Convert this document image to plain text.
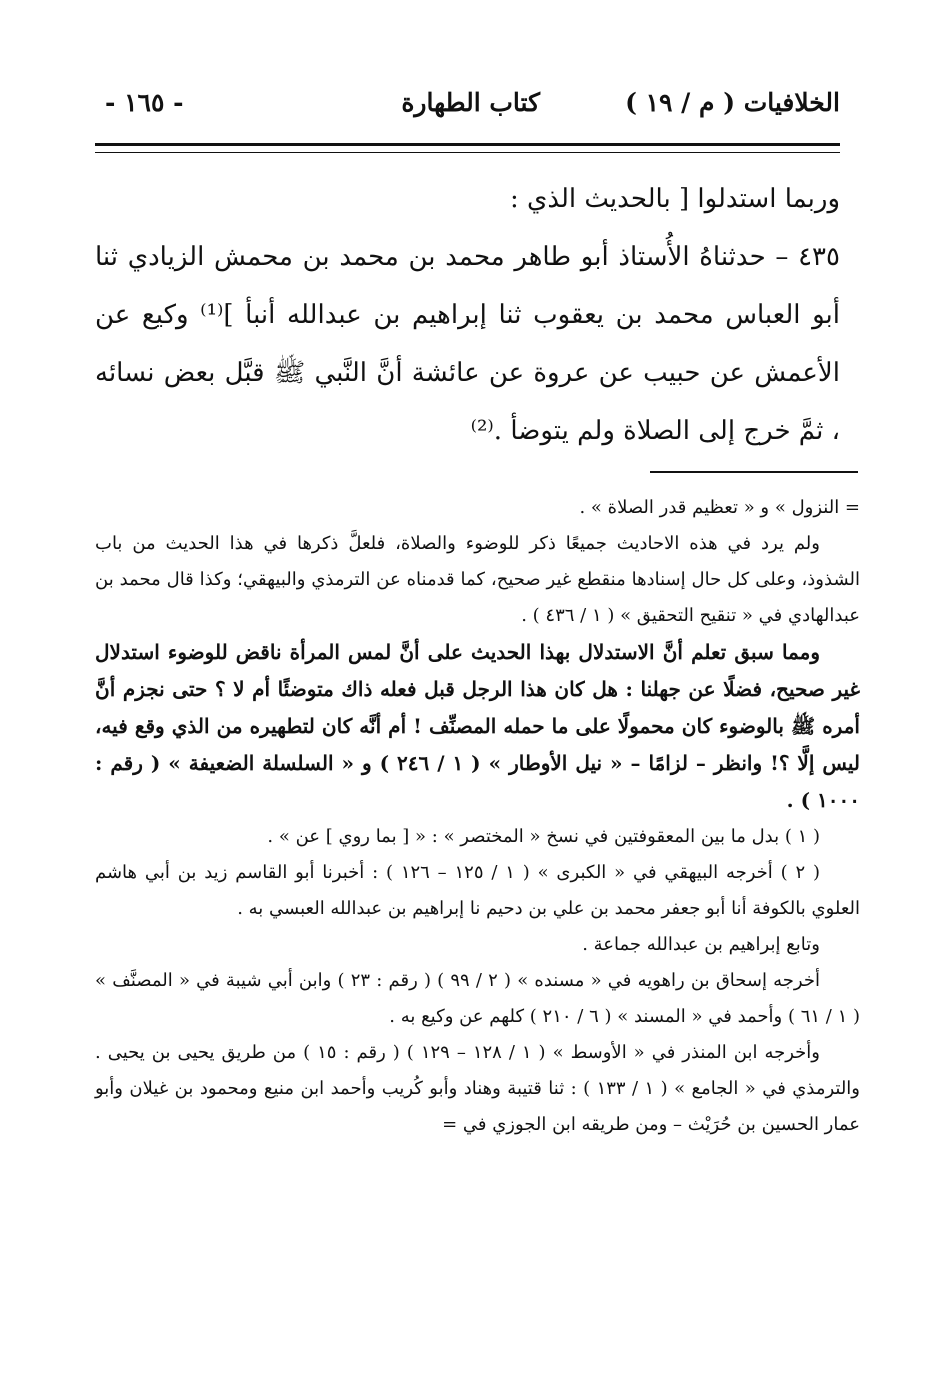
الخلافيات ( م / ١٩ )
كتاب الطهارة
- ١٦٥ -

وربما استدلوا [ بالحديث الذي :

٤٣٥ – حدثناهُ الأُستاذ أبو طاهر محمد بن محمد بن محمش الزيادي ثنا أبو العباس محمد بن يعقوب ثنا إبراهيم بن عبدالله أنبأ ]⁽¹⁾ وكيع عن الأعمش عن حبيب عن عروة عن عائشة أنَّ النَّبي ﷺ قبَّل بعض نسائه ، ثمَّ خرج إلى الصلاة ولم يتوضأ .⁽²⁾

= النزول » و « تعظيم قدر الصلاة » .

ولم يرد في هذه الاحاديث جميعًا ذكر للوضوء والصلاة، فلعلَّ ذكرها في هذا الحديث من باب الشذوذ، وعلى كل حال إسنادها منقطع غير صحيح، كما قدمناه عن الترمذي والبيهقي؛ وكذا قال محمد بن عبدالهادي في « تنقيح التحقيق » ( ١ / ٤٣٦ ) .

ومما سبق تعلم أنَّ الاستدلال بهذا الحديث على أنَّ لمس المرأة ناقض للوضوء استدلال غير صحيح، فضلًا عن جهلنا : هل كان هذا الرجل قبل فعله ذاك متوضئًا أم لا ؟ حتى نجزم أنَّ أمره ﷺ بالوضوء كان محمولًا على ما حمله المصنِّف ! أم أنَّه كان لتطهيره من الذي وقع فيه، ليس إلَّا ؟! وانظر – لزامًا – « نيل الأوطار » ( ١ / ٢٤٦ ) و « السلسلة الضعيفة » ( رقم : ١٠٠٠ ) .

( ١ ) بدل ما بين المعقوفتين في نسخ « المختصر » : « [ بما روي ] عن » .

( ٢ ) أخرجه البيهقي في « الكبرى » ( ١ / ١٢٥ – ١٢٦ ) : أخبرنا أبو القاسم زيد بن أبي هاشم العلوي بالكوفة أنا أبو جعفر محمد بن علي بن دحيم نا إبراهيم بن عبدالله العبسي به .

وتابع إبراهيم بن عبدالله جماعة .

أخرجه إسحاق بن راهويه في « مسنده » ( ٢ / ٩٩ ) ( رقم : ٢٣ ) وابن أبي شيبة في « المصنَّف » ( ١ / ٦١ ) وأحمد في « المسند » ( ٦ / ٢١٠ ) كلهم عن وكيع به .

وأخرجه ابن المنذر في « الأوسط » ( ١ / ١٢٨ – ١٢٩ ) ( رقم : ١٥ ) من طريق يحيى بن يحيى . والترمذي في « الجامع » ( ١ / ١٣٣ ) : ثنا قتيبة وهناد وأبو كُريب وأحمد ابن منيع ومحمود بن غيلان وأبو عمار الحسين بن حُرَيْث – ومن طريقه ابن الجوزي في =
